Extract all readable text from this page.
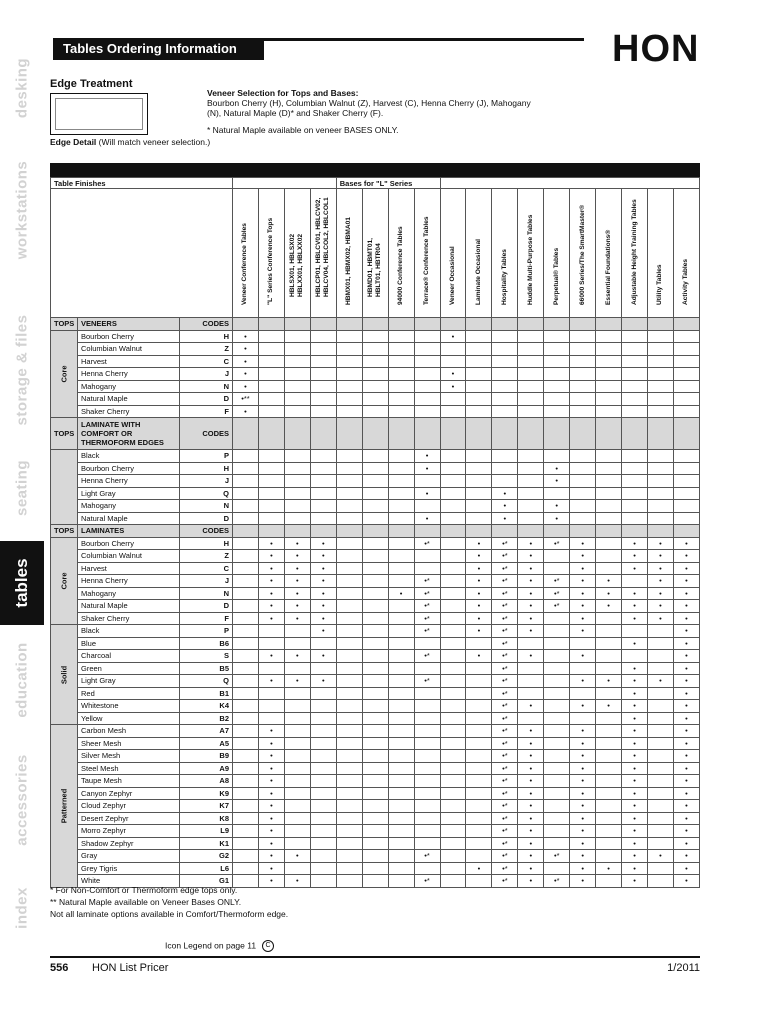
desking
workstations
storage & files
seating
tables
education
accessories
index
Tables Ordering Information	HON
Edge Treatment
Edge Detail (Will match veneer selection.)
Veneer Selection for Tops and Bases:
Bourbon Cherry (H), Columbian Walnut (Z), Harvest (C), Henna Cherry (J), Mahogany (N), Natural Maple (D)* and Shaker Cherry (F).
* Natural Maple available on veneer BASES ONLY.
Table Finishes							Bases for "L" Series													

			Veneer Conference Tables	"L" Series Conference Tops	HBLSX01, HBLSX02 HBLXX01, HBLXX02	HBLCP01, HBLCV01, HBLCV02, HBLCV04, HBLCOL2, HBLCOL1	HBMX01, HBMX02, HBMA01	HBMD01, HBMT01, HBLT01, HBTR04	94000 Conference Tables	Terrace® Conference Tables	Veneer Occasional	Laminate Occasional	Hospitality Tables	Huddle Multi-Purpose Tables	Perpetual® Tables	66000 Series/The SmartMaster®	Essential Foundations®	Adjustable Height Training Tables	Utility Tables	Activity Tables

TOPS	VENEERS	CODES																		

Core	Bourbon Cherry	H	•								•									
	Columbian Walnut	Z	•																	
	Harvest	C	•																	
	Henna Cherry	J	•								•									
	Mahogany	N	•								•									
	Natural Maple	D	•**																	
	Shaker Cherry	F	•																	
TOPS	LAMINATE WITH COMFORT OR THERMOFORM EDGES	CODES																		

	Black	P								•										
	Bourbon Cherry	H								•					•					
	Henna Cherry	J													•					
	Light Gray	Q								•			•							
	Mahogany	N											•		•					
	Natural Maple	D								•			•		•					
TOPS	LAMINATES	CODES																		

Core	Bourbon Cherry	H		•	•	•				•*		•	•*	•	•*	•		•	•	•
	Columbian Walnut	Z		•	•	•						•	•*	•		•		•	•	•
	Harvest	C		•	•	•						•	•*	•		•		•	•	•
	Henna Cherry	J		•	•	•				•*		•	•*	•	•*	•	•		•	•
	Mahogany	N		•	•	•			•	•*		•	•*	•	•*	•	•	•	•	•
	Natural Maple	D		•	•	•				•*		•	•*	•	•*	•	•	•	•	•
	Shaker Cherry	F		•	•	•				•*		•	•*	•		•		•	•	•

Solid	Black	P				•				•*		•	•*	•		•				•
	Blue	B6											•*					•		•
	Charcoal	S		•	•	•				•*		•	•*	•		•				•
	Green	B5											•*					•		•
	Light Gray	Q		•	•	•				•*			•*			•	•	•	•	•
	Red	B1											•*					•		•
	Whitestone	K4											•*	•		•	•	•		•
	Yellow	B2											•*					•		•

Patterned	Carbon Mesh	A7		•									•*	•		•		•		•
	Sheer Mesh	A5		•									•*	•		•		•		•
	Silver Mesh	B9		•									•*	•		•		•		•
	Steel Mesh	A9		•									•*	•		•		•		•
	Taupe Mesh	A8		•									•*	•		•		•		•
	Canyon Zephyr	K9		•									•*	•		•		•		•
	Cloud Zephyr	K7		•									•*	•		•		•		•
	Desert Zephyr	K8		•									•*	•		•		•		•
	Morro Zephyr	L9		•									•*	•		•		•		•
	Shadow Zephyr	K1		•									•*	•		•		•		•
	Gray	G2		•	•					•*			•*	•	•*	•		•	•	•
	Grey Tigris	L6		•								•	•*	•		•	•	•		•
	White	G1		•	•					•*			•*	•	•*	•		•		•
* For Non-Comfort or Thermoform edge tops only.
** Natural Maple available on Veneer Bases ONLY.
Not all laminate options available in Comfort/Thermoform edge.
Icon Legend on page 11 C
556 HON List Pricer	1/2011
